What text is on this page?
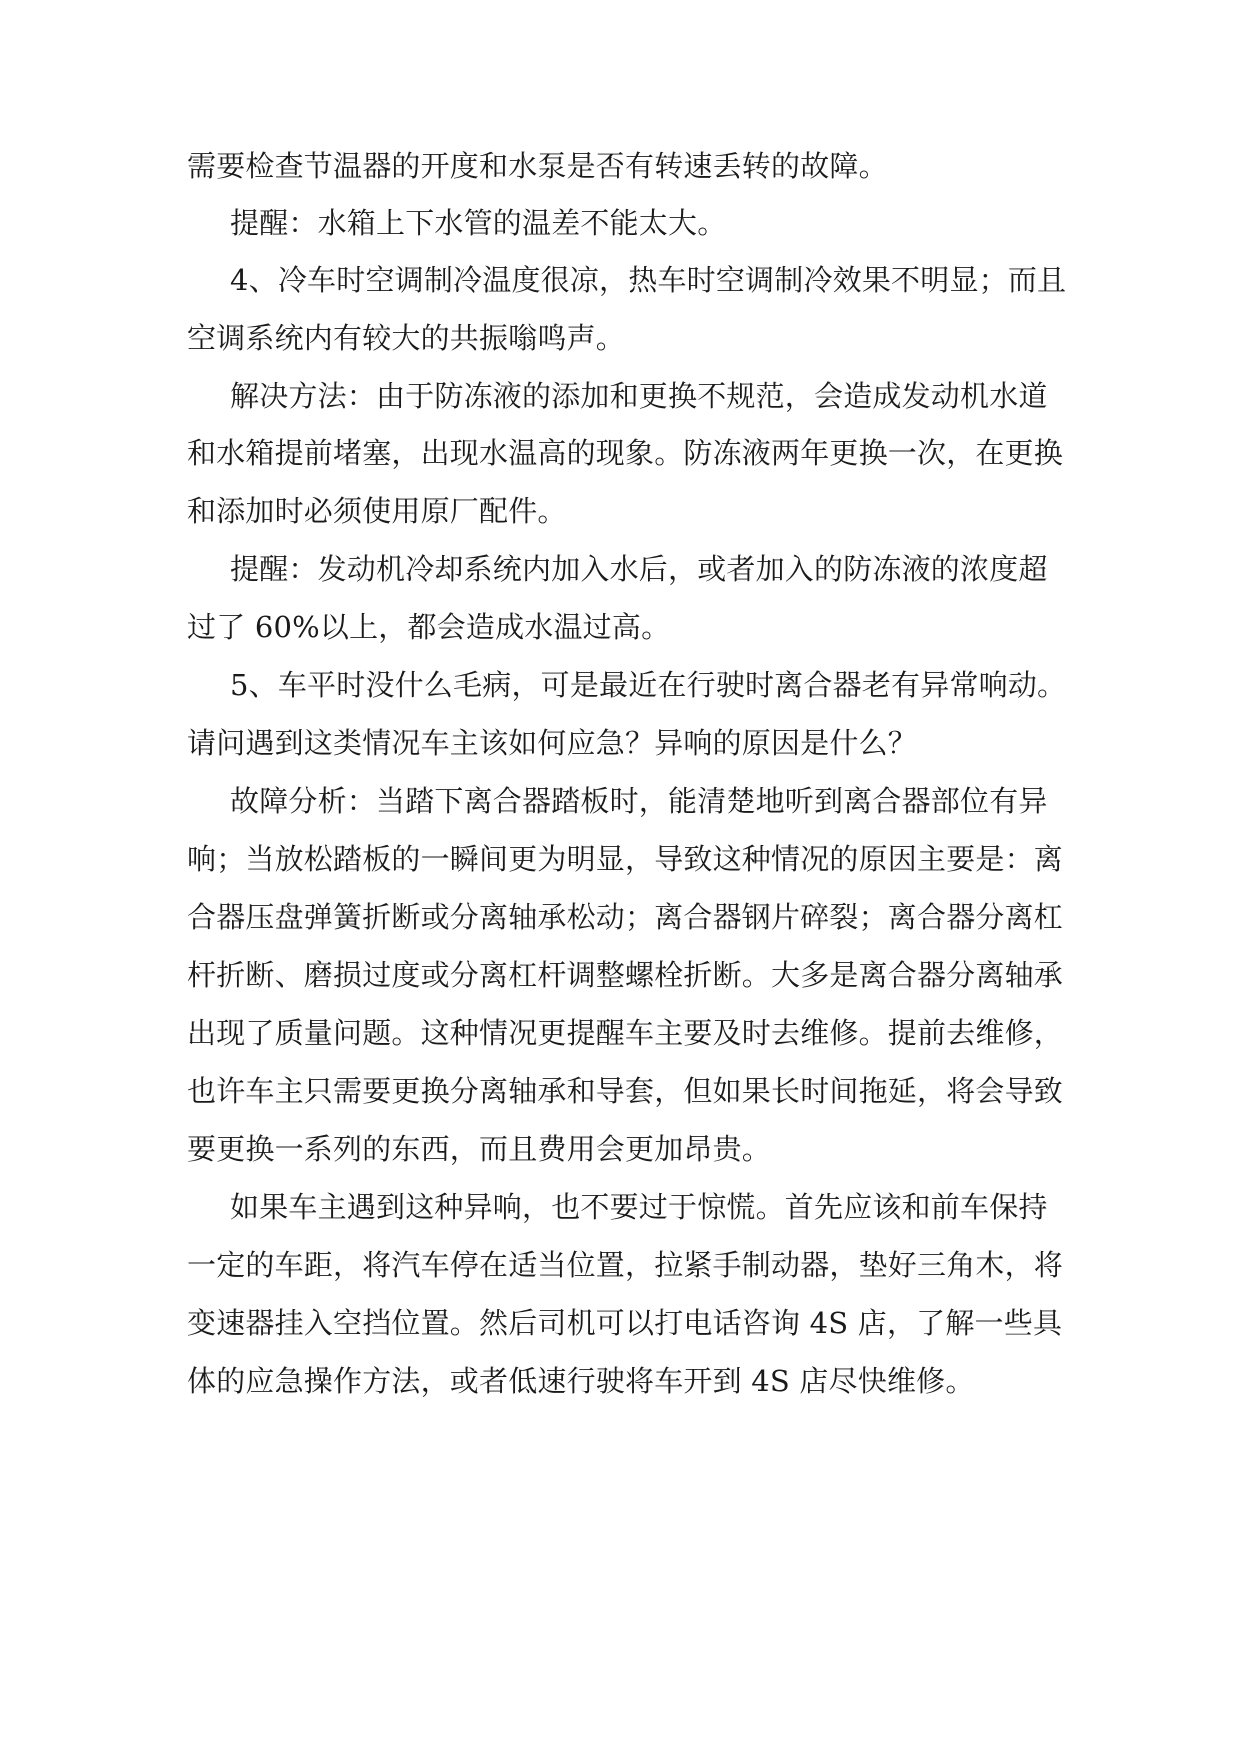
需要检查节温器的开度和水泵是否有转速丢转的故障。
提醒：水箱上下水管的温差不能太大。
4、冷车时空调制冷温度很凉，热车时空调制冷效果不明显；而且
空调系统内有较大的共振嗡鸣声。
解决方法：由于防冻液的添加和更换不规范，会造成发动机水道
和水箱提前堵塞，出现水温高的现象。防冻液两年更换一次，在更换
和添加时必须使用原厂配件。
提醒：发动机冷却系统内加入水后，或者加入的防冻液的浓度超
过了 60%以上，都会造成水温过高。
5、车平时没什么毛病，可是最近在行驶时离合器老有异常响动。
请问遇到这类情况车主该如何应急？异响的原因是什么？
故障分析：当踏下离合器踏板时，能清楚地听到离合器部位有异
响；当放松踏板的一瞬间更为明显，导致这种情况的原因主要是：离
合器压盘弹簧折断或分离轴承松动；离合器钢片碎裂；离合器分离杠
杆折断、磨损过度或分离杠杆调整螺栓折断。大多是离合器分离轴承
出现了质量问题。这种情况更提醒车主要及时去维修。提前去维修，
也许车主只需要更换分离轴承和导套，但如果长时间拖延，将会导致
要更换一系列的东西，而且费用会更加昂贵。
如果车主遇到这种异响，也不要过于惊慌。首先应该和前车保持
一定的车距，将汽车停在适当位置，拉紧手制动器，垫好三角木，将
变速器挂入空挡位置。然后司机可以打电话咨询 4S 店，了解一些具
体的应急操作方法，或者低速行驶将车开到 4S 店尽快维修。
